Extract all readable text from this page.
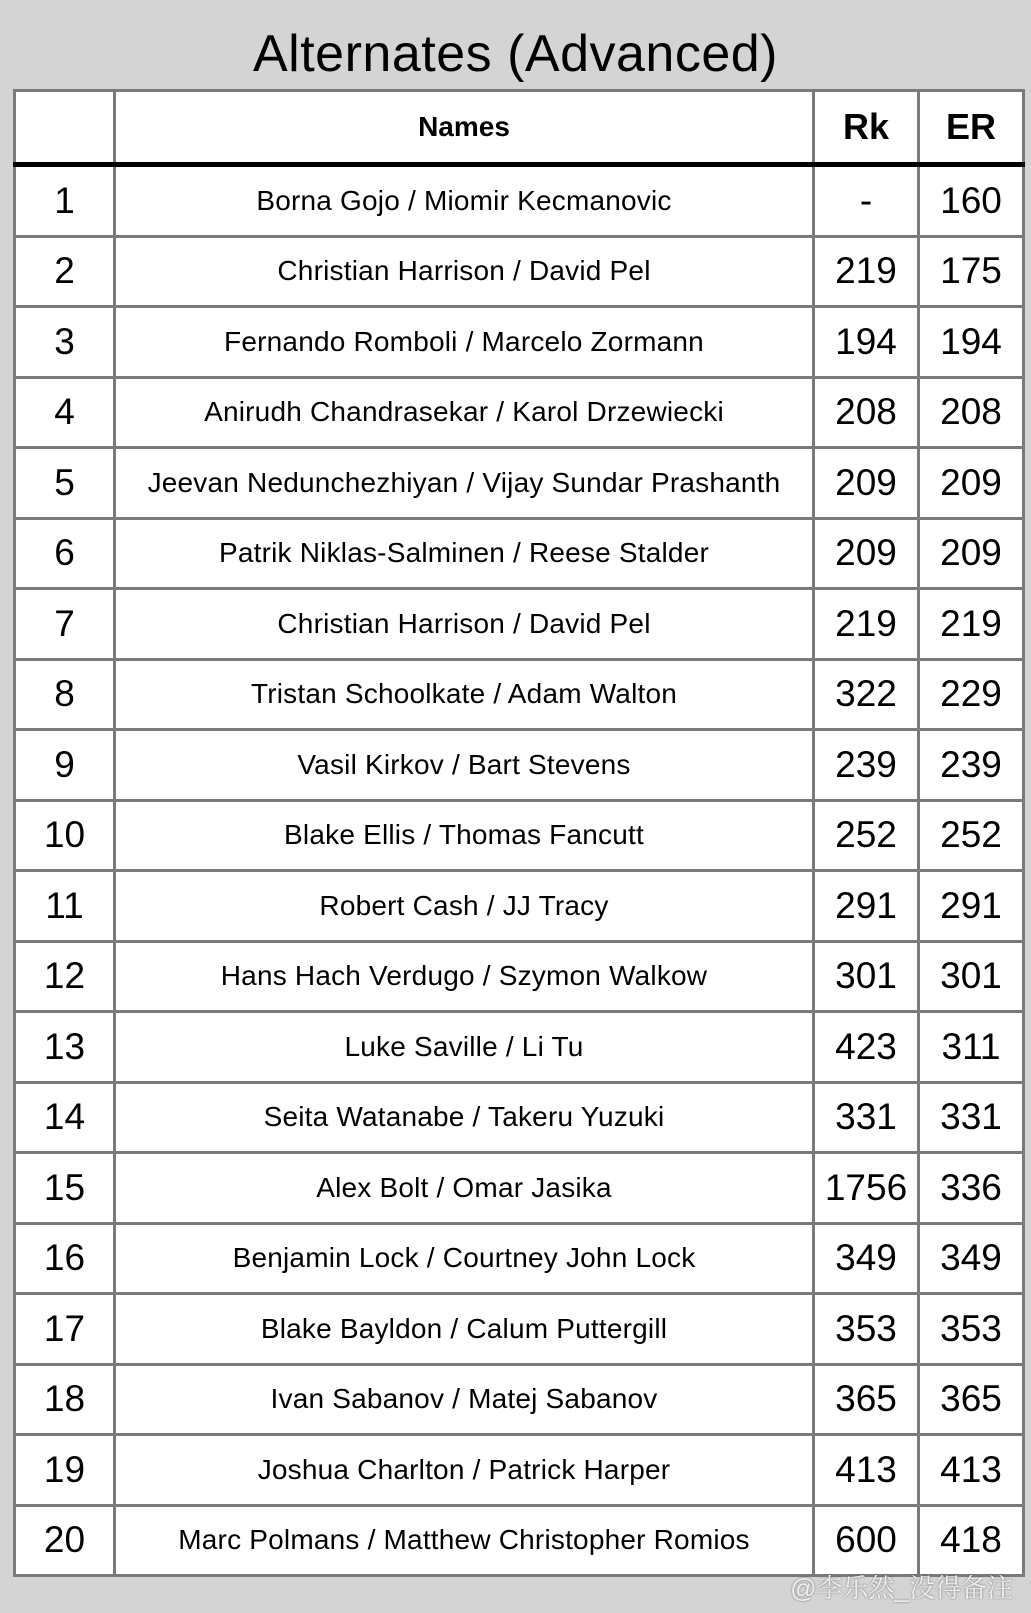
Alternates (Advanced)
	Names	Rk	ER
1	Borna Gojo / Miomir Kecmanovic	-	160
2	Christian Harrison / David Pel	219	175
3	Fernando Romboli / Marcelo Zormann	194	194
4	Anirudh Chandrasekar / Karol Drzewiecki	208	208
5	Jeevan Nedunchezhiyan / Vijay Sundar Prashanth	209	209
6	Patrik Niklas-Salminen / Reese Stalder	209	209
7	Christian Harrison / David Pel	219	219
8	Tristan Schoolkate / Adam Walton	322	229
9	Vasil Kirkov / Bart Stevens	239	239
10	Blake Ellis / Thomas Fancutt	252	252
11	Robert Cash / JJ Tracy	291	291
12	Hans Hach Verdugo / Szymon Walkow	301	301
13	Luke Saville / Li Tu	423	311
14	Seita Watanabe / Takeru Yuzuki	331	331
15	Alex Bolt / Omar Jasika	1756	336
16	Benjamin Lock / Courtney John Lock	349	349
17	Blake Bayldon / Calum Puttergill	353	353
18	Ivan Sabanov / Matej Sabanov	365	365
19	Joshua Charlton / Patrick Harper	413	413
20	Marc Polmans / Matthew Christopher Romios	600	418
@李乐然_没得备注
